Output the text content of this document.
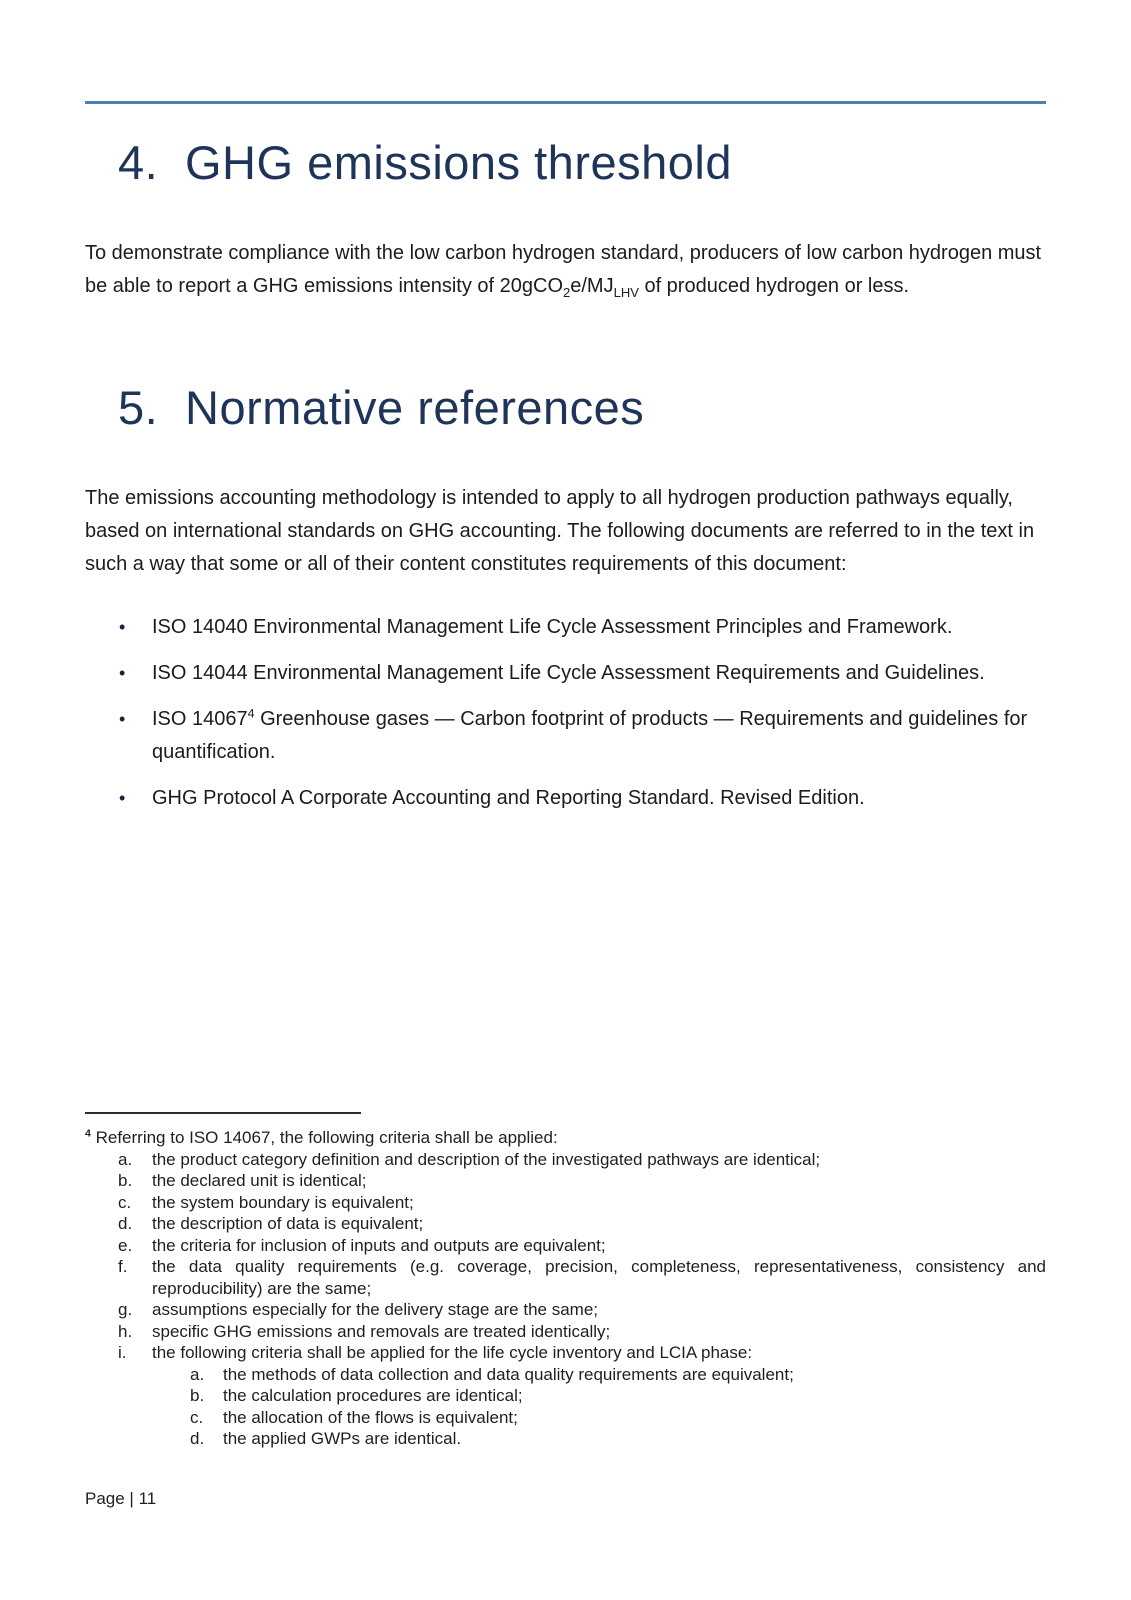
4. GHG emissions threshold

To demonstrate compliance with the low carbon hydrogen standard, producers of low carbon hydrogen must be able to report a GHG emissions intensity of $20gCO_2e/MJ_{LHV}$ of produced hydrogen or less.

5. Normative references

The emissions accounting methodology is intended to apply to all hydrogen production pathways equally, based on international standards on GHG accounting. The following documents are referred to in the text in such a way that some or all of their content constitutes requirements of this document:

• ISO 14040 Environmental Management Life Cycle Assessment Principles and Framework.
• ISO 14044 Environmental Management Life Cycle Assessment Requirements and Guidelines.
• ISO 14067$^4$ Greenhouse gases — Carbon footprint of products — Requirements and guidelines for quantification.
• GHG Protocol A Corporate Accounting and Reporting Standard. Revised Edition.

$^4$ Referring to ISO 14067, the following criteria shall be applied:

a. the product category definition and description of the investigated pathways are identical;
b. the declared unit is identical;
c. the system boundary is equivalent;
d. the description of data is equivalent;
e. the criteria for inclusion of inputs and outputs are equivalent;
f. the data quality requirements (e.g. coverage, precision, completeness, representativeness, consistency and reproducibility) are the same;
g. assumptions especially for the delivery stage are the same;
h. specific GHG emissions and removals are treated identically;
i. the following criteria shall be applied for the life cycle inventory and LCIA phase:
a. the methods of data collection and data quality requirements are equivalent;
b. the calculation procedures are identical;
c. the allocation of the flows is equivalent;
d. the applied GWPs are identical.
Page | 11
